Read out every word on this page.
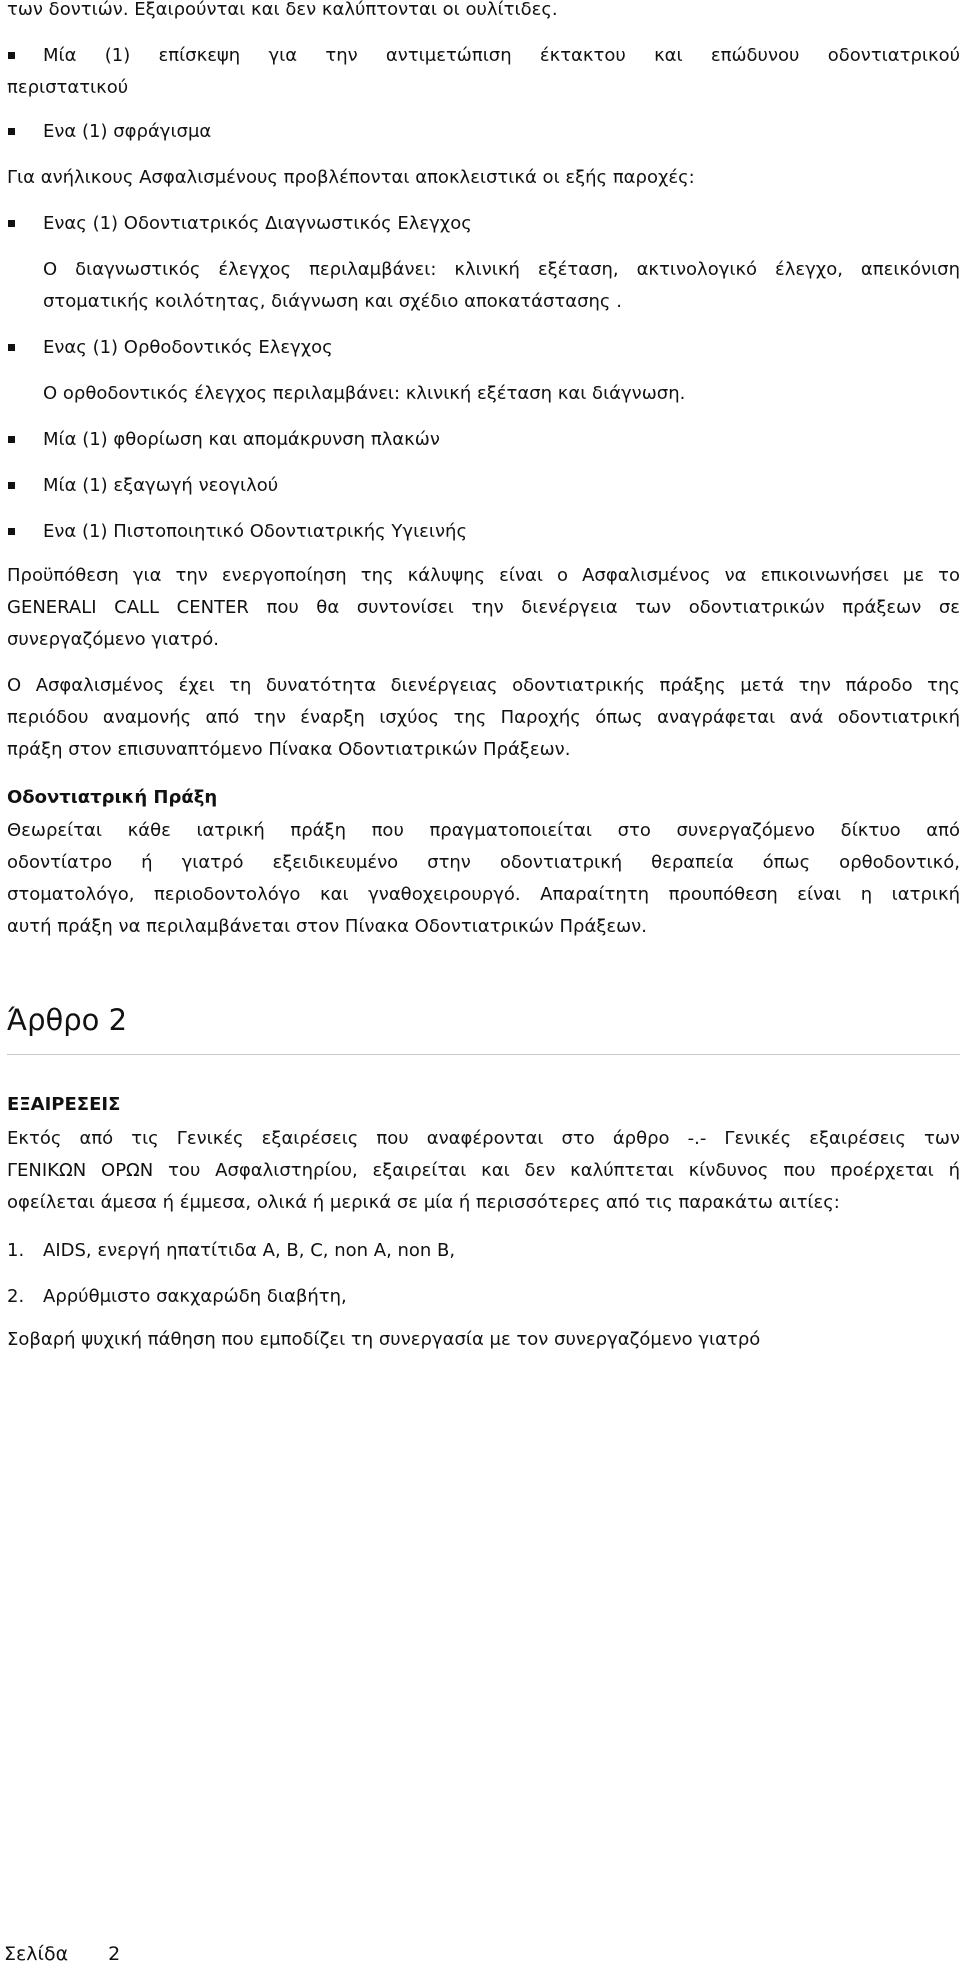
των δοντιών. Εξαιρούνται και δεν καλύπτονται οι ουλίτιδες.

Μία (1) επίσκεψη για την αντιμετώπιση έκτακτου και επώδυνου οδοντιατρικού

περιστατικού

Ενα (1) σφράγισμα

Για ανήλικους Ασφαλισμένους προβλέπονται αποκλειστικά οι εξής παροχές:

Ενας (1) Οδοντιατρικός Διαγνωστικός Ελεγχος

Ο διαγνωστικός έλεγχος περιλαμβάνει: κλινική εξέταση, ακτινολογικό έλεγχο, απεικόνιση

στοματικής κοιλότητας, διάγνωση και σχέδιο αποκατάστασης .

Ενας (1) Ορθοδοντικός Ελεγχος

Ο ορθοδοντικός έλεγχος περιλαμβάνει: κλινική εξέταση και διάγνωση.

Μία (1) φθορίωση και απομάκρυνση πλακών
Μία (1) εξαγωγή νεογιλού
Ενα (1) Πιστοποιητικό Οδοντιατρικής Υγιεινής

Προϋπόθεση για την ενεργοποίηση της κάλυψης είναι ο Ασφαλισμένος να επικοινωνήσει με το

GENERALI CALL CENTER που θα συντονίσει την διενέργεια των οδοντιατρικών πράξεων σε

συνεργαζόμενο γιατρό.

Ο Ασφαλισμένος έχει τη δυνατότητα διενέργειας οδοντιατρικής πράξης μετά την πάροδο της

περιόδου αναμονής από την έναρξη ισχύος της Παροχής όπως αναγράφεται ανά οδοντιατρική

πράξη στον επισυναπτόμενο Πίνακα Οδοντιατρικών Πράξεων.

Οδοντιατρική Πράξη

Θεωρείται κάθε ιατρική πράξη που πραγματοποιείται στο συνεργαζόμενο δίκτυο από

οδοντίατρο ή γιατρό εξειδικευμένο στην οδοντιατρική θεραπεία όπως ορθοδοντικό,

στοματολόγο, περιοδοντολόγο και γναθοχειρουργό. Απαραίτητη προυπόθεση είναι η ιατρική

αυτή πράξη να περιλαμβάνεται στον Πίνακα Οδοντιατρικών Πράξεων.

Άρθρο 2

ΕΞΑΙΡΕΣΕΙΣ

Εκτός από τις Γενικές εξαιρέσεις που αναφέρονται στο άρθρο -.- Γενικές εξαιρέσεις των

ΓΕΝΙΚΩΝ ΟΡΩΝ του Ασφαλιστηρίου, εξαιρείται και δεν καλύπτεται κίνδυνος που προέρχεται ή

οφείλεται άμεσα ή έμμεσα, ολικά ή μερικά σε μία ή περισσότερες από τις παρακάτω αιτίες:

1. AIDS, ενεργή ηπατίτιδα Α, Β, C, non A, non B,
2. Αρρύθμιστο σακχαρώδη διαβήτη,

Σοβαρή ψυχική πάθηση που εμποδίζει τη συνεργασία με τον συνεργαζόμενο γιατρό

Σελίδα 2
